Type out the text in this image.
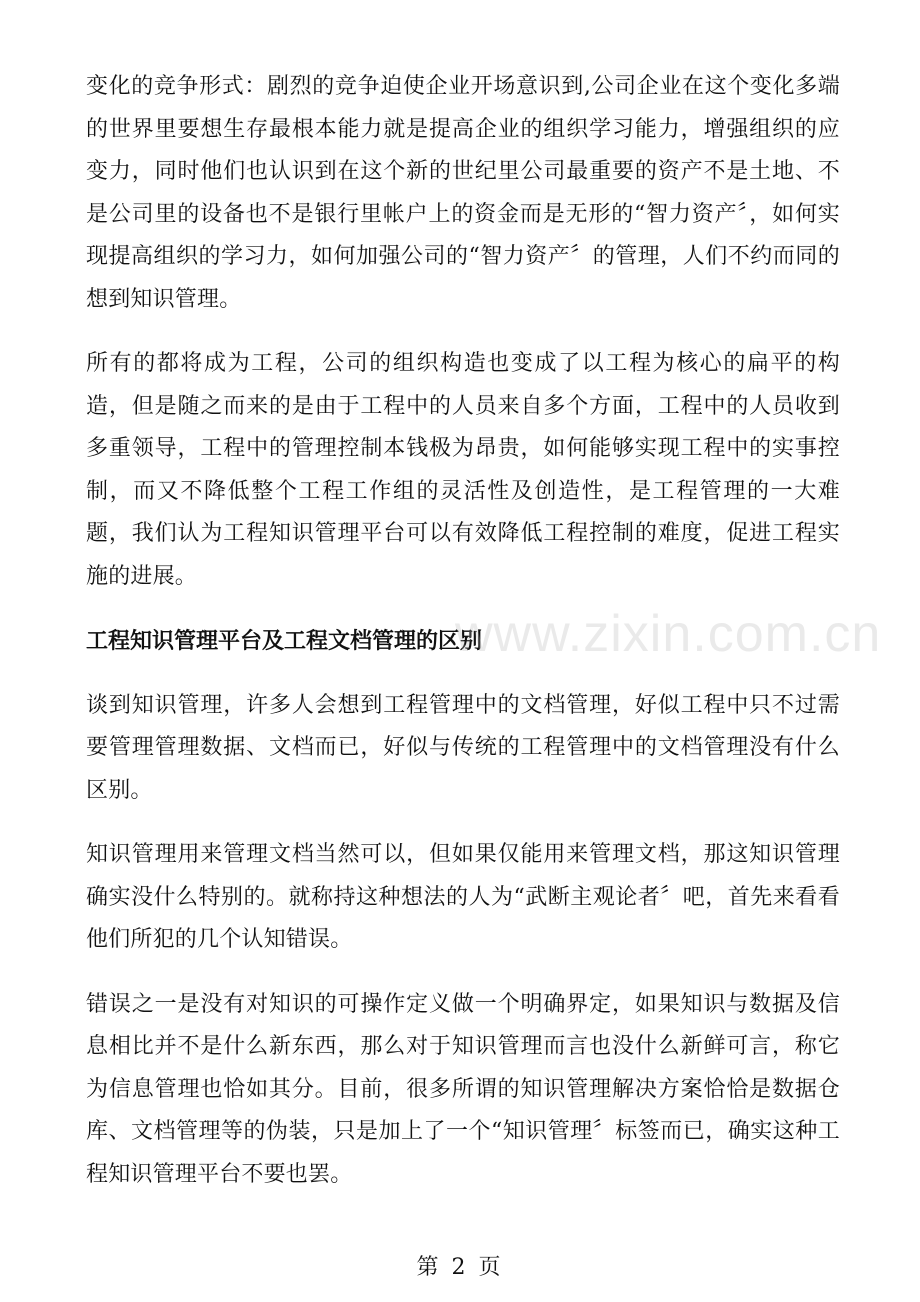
变化的竞争形式：剧烈的竞争迫使企业开场意识到,公司企业在这个变化多端的世界里要想生存最根本能力就是提高企业的组织学习能力，增强组织的应变力，同时他们也认识到在这个新的世纪里公司最重要的资产不是土地、不是公司里的设备也不是银行里帐户上的资金而是无形的“智力资产〞，如何实现提高组织的学习力，如何加强公司的“智力资产〞的管理，人们不约而同的想到知识管理。

所有的都将成为工程，公司的组织构造也变成了以工程为核心的扁平的构造，但是随之而来的是由于工程中的人员来自多个方面，工程中的人员收到多重领导，工程中的管理控制本钱极为昂贵，如何能够实现工程中的实事控制，而又不降低整个工程工作组的灵活性及创造性，是工程管理的一大难题，我们认为工程知识管理平台可以有效降低工程控制的难度，促进工程实施的进展。

工程知识管理平台及工程文档管理的区别

谈到知识管理，许多人会想到工程管理中的文档管理，好似工程中只不过需要管理管理数据、文档而已，好似与传统的工程管理中的文档管理没有什么区别。

知识管理用来管理文档当然可以，但如果仅能用来管理文档，那这知识管理确实没什么特别的。就称持这种想法的人为“武断主观论者〞吧，首先来看看他们所犯的几个认知错误。

错误之一是没有对知识的可操作定义做一个明确界定，如果知识与数据及信息相比并不是什么新东西，那么对于知识管理而言也没什么新鲜可言，称它为信息管理也恰如其分。目前，很多所谓的知识管理解决方案恰恰是数据仓库、文档管理等的伪装，只是加上了一个“知识管理〞标签而已，确实这种工程知识管理平台不要也罢。

www.zixin.com.cn
第 2 页
